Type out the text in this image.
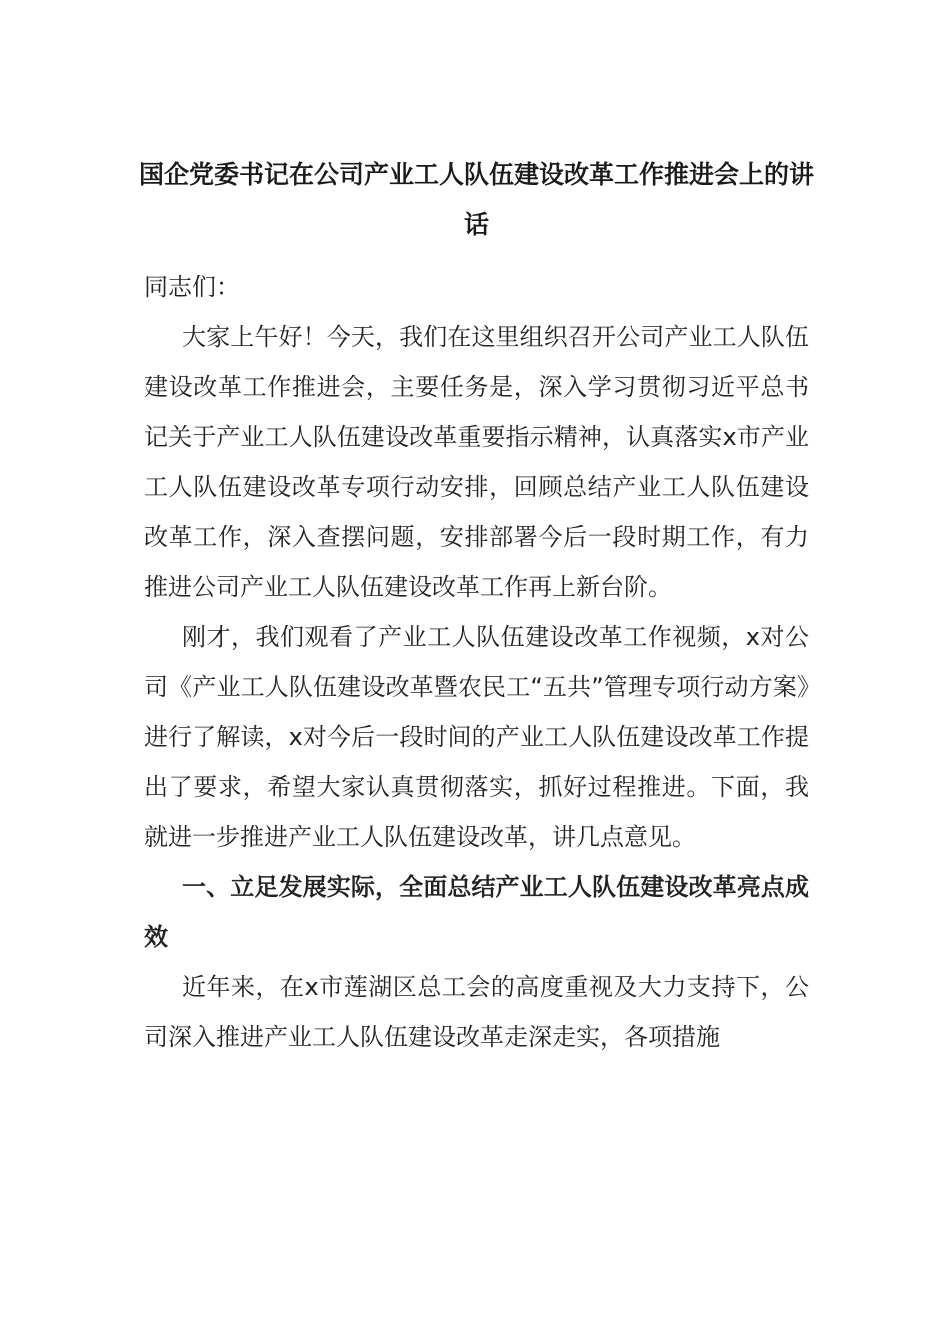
国企党委书记在公司产业工人队伍建设改革工作推进会上的讲话
同志们：

大家上午好！今天，我们在这里组织召开公司产业工人队伍建设改革工作推进会，主要任务是，深入学习贯彻习近平总书记关于产业工人队伍建设改革重要指示精神，认真落实x市产业工人队伍建设改革专项行动安排，回顾总结产业工人队伍建设改革工作，深入查摆问题，安排部署今后一段时期工作，有力推进公司产业工人队伍建设改革工作再上新台阶。

刚才，我们观看了产业工人队伍建设改革工作视频，x对公司《产业工人队伍建设改革暨农民工“五共”管理专项行动方案》进行了解读，x对今后一段时间的产业工人队伍建设改革工作提出了要求，希望大家认真贯彻落实，抓好过程推进。下面，我就进一步推进产业工人队伍建设改革，讲几点意见。

一、立足发展实际，全面总结产业工人队伍建设改革亮点成效

近年来，在x市莲湖区总工会的高度重视及大力支持下，公司深入推进产业工人队伍建设改革走深走实，各项措施
